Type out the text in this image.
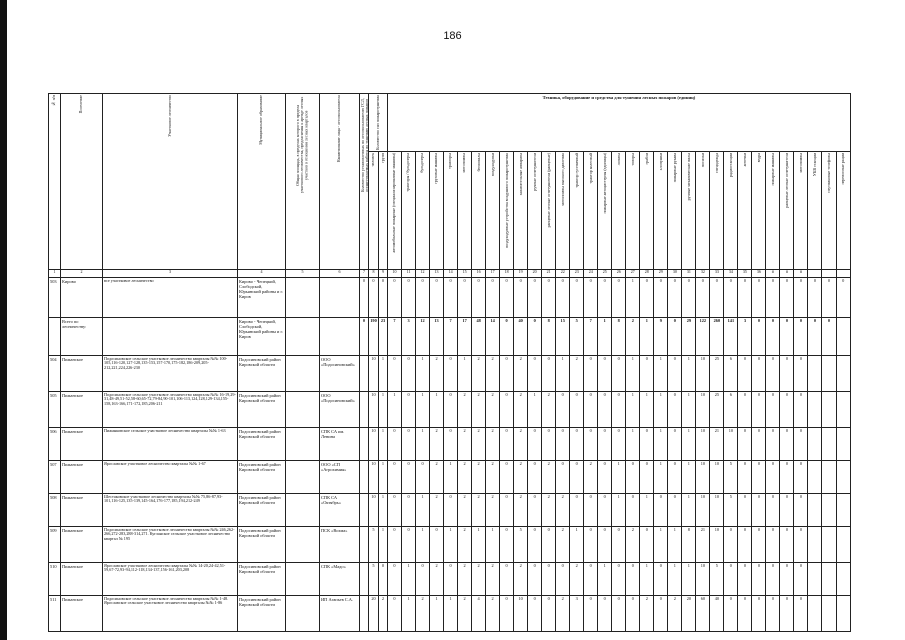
186
№ п/п	Поселение	Участковое лесничество	Муниципальное образование	Общая площадь, в пределах которого в предела участкового лесничества, предлагаемая к аренде лесных участков в отношении лесных кварталов	Наименование лица - лесопользователя	Количество установленных по лесопользователю ГСЛ, осуществляемых работы по тушению лесных пожаров	Количество сил пожаротушения		Техника, оборудование и средства для тушения лесных пожаров (единиц)																																
							человек	групп	автомобильные пожарные (специализированные машины)	тракторы / бульдозеры	бульдозеры	грузовые машины	тракторы	мотопомпы	бензопилы	воздуходувки	воздуходувные устройства воздушного пожаротушения	зажигательные аппараты	ручные огнетушители	ранцевые лесные огнетушители (ранцевые)	мотопомпы высокого давления	трактор гусеничный	трактор колесный	пожарные автоцистерны (единицы)	лопаты	топоры	грабли	хлопушки	пожарные рукава	ручные механические пилы	носилки	спецодежда	радиостанции	аптечки	ведра	пожарные машины	ранцевые лесные огнетушители	мотопомпы	УКВ станции	спутниковые телефоны	переносные рации
1	2	3	4	5	6	7	8	9	10	11	12	13	14	15	16	17	18	19	20	21	22	23	24	25	26	27	28	29	30	31	32	33	34	35	36	#	#	#			
503	Кирово	все участковое лесничество	Кирово - Чепецкий, Слободской, Юрьянский районы и г. Киров			0	0	0	0	0	0	0	0	0	0	0	0	0	0	0	0	0	0	0	0	1	0	0	0	0	0	0	0	0	0	0	0	0	0	0	0
	Всего по лесничеству:		Кирово - Чепецкий, Слободской, Юрьянский районы и г. Киров			0	190	23	7	3	12	13	7	17	48	14	0	40	0	8	15	5	7	1	8	2	1	9	0	29	122	260	141	3	0	0	0	0	0	0	
504	Пижанское	Подосиновское сельское участковое лесничество кварталы №№ 100-105,116-120,127-128,135-153,157-170,175-182,186-209,205-212,221,224,226-230	Подосиновский район Кировской области		ООО «Подосиновский»		10	1	0	0	1	2	0	1	2	2	0	2	0	0	1	2	0	0	0	1	0	1	0	1	10	25	6	0	0	0	0	0			
505	Пижанское	Подосиновское сельское участковое лесничество кварталы №№ 16-19,29-31,48-49,51-52,58-60,65-72,79-84,90-101,106-113,124,128,129-134,155-158,163-166,171-172,185,206-211	Подосиновский район Кировской области		ООО «Подосиновский»		10	1	1	0	1	1	0	2	2	2	0	2	1	2	0	0	0	0	0	1	1	1	0	1	10	25	6	0	0	0	0	0			
506	Пижанское	Пижанковское сельское участковое лесничество кварталы №№ 1-63	Подосиновский район Кировской области		СПК СА им. Ленина		10	1	0	0	1	2	0	2	2	2	0	2	0	0	0	0	0	0	0	1	0	1	0	1	10	21	10	0	0	0	0	0			
507	Пижанское	Ярославское участковое лесничество кварталы №№ 1-67	Подосиновский район Кировской области		ООО «СП «Агрохимия»		10	1	0	0	0	2	1	2	2	2	0	2	0	2	0	0	2	0	1	0	0	1	0	1	10	10	5	0	0	0	0	0			
508	Пижанское	Шестаковское участковое лесничество кварталы №№ 75,86-87,93-101,116-125,135-139,145-164,176-177,185,194,212-249	Подосиновский район Кировской области		СПК СА «Октябрь»		10	1	0	0	1	2	0	2	2	2	0	2	0	2	2	0	0	0	1	0	1	0	0	1	10	10	5	0	0	0	0	0			
509	Пижанское	Подосиновское сельское участковое лесничество кварталы №№ 246,262-266,272-283,288-314,271. Кугланское сельское участковое лесничество квартал № 195	Подосиновский район Кировской области		ПСК «Вохма»		5	1	0	0	1	0	1	2	1	1	0	5	0	0	2	1	0	0	0	2	0	1	1	8	21	10	0	0	0	0	0	0			
510	Пижанское	Ярославское участковое лесничество кварталы №№ 14-20,24-42,51-59,67-72,93-94,112-118,134-137,156-161,203,208	Подосиновский район Кировской области		СПК «Мадо»		5	0	0	1	0	2	0	2	2	2	0	2	0	0	0	2	0	1	0	0	1	0	1	1	10	5	0	0	0	0	0	0			
511	Пижанское	Подосиновское сельское участковое лесничество кварталы №№ 1-48. Ярославское сельское участковое лесничество кварталы №№ 1-86	Подосиновский район Кировской области		ИП Агапьев С.А.		20	2	0	1	2	1	1	2	4	2	0	10	0	0	2	3	0	0	0	0	2	0	2	20	60	40	0	0	0	0	0	0			
